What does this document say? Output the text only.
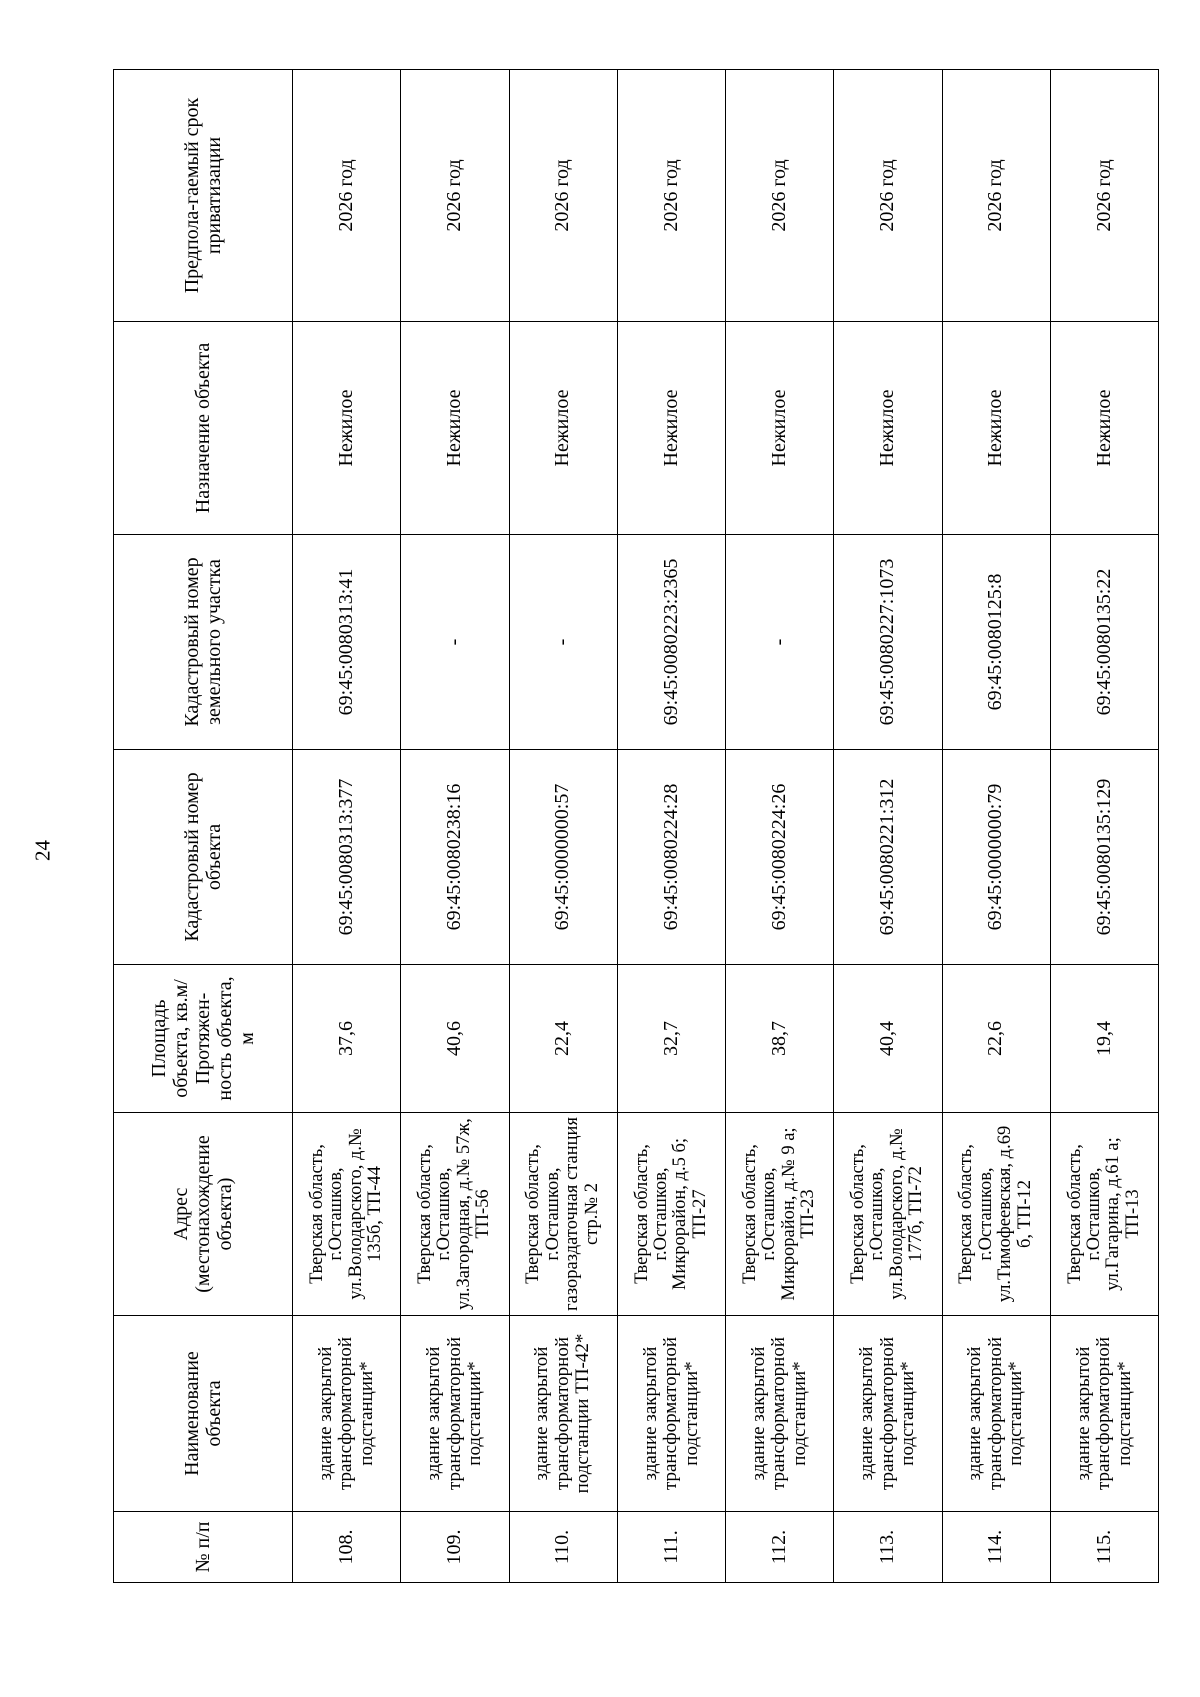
24
№ п/п	Наименование объекта	Адрес (местонахождение объекта)	Площадь объекта, кв.м/ Протяжен-ность объекта, м	Кадастровый номер объекта	Кадастровый номер земельного участка	Назначение объекта	Предпола-гаемый срок приватизации
108.	здание закрытой трансформаторной подстанции*	Тверская область, г.Осташков, ул.Володарского, д.№ 135б, ТП-44	37,6	69:45:0080313:377	69:45:0080313:41	Нежилое	2026 год
109.	здание закрытой трансформаторной подстанции*	Тверская область, г.Осташков, ул.Загородная, д.№ 57ж, ТП-56	40,6	69:45:0080238:16	-	Нежилое	2026 год
110.	здание закрытой трансформаторной подстанции ТП-42*	Тверская область, г.Осташков, газораздаточная станция стр.№ 2	22,4	69:45:0000000:57	-	Нежилое	2026 год
111.	здание закрытой трансформаторной подстанции*	Тверская область, г.Осташков, Микрорайон, д.5 б; ТП-27	32,7	69:45:0080224:28	69:45:0080223:2365	Нежилое	2026 год
112.	здание закрытой трансформаторной подстанции*	Тверская область, г.Осташков, Микрорайон, д.№ 9 а; ТП-23	38,7	69:45:0080224:26	-	Нежилое	2026 год
113.	здание закрытой трансформаторной подстанции*	Тверская область, г.Осташков, ул.Володарского, д.№ 177б, ТП-72	40,4	69:45:0080221:312	69:45:0080227:1073	Нежилое	2026 год
114.	здание закрытой трансформаторной подстанции*	Тверская область, г.Осташков, ул.Тимофеевская, д.69 б, ТП-12	22,6	69:45:0000000:79	69:45:0080125:8	Нежилое	2026 год
115.	здание закрытой трансформаторной подстанции*	Тверская область, г.Осташков, ул.Гагарина, д.61 а; ТП-13	19,4	69:45:0080135:129	69:45:0080135:22	Нежилое	2026 год
